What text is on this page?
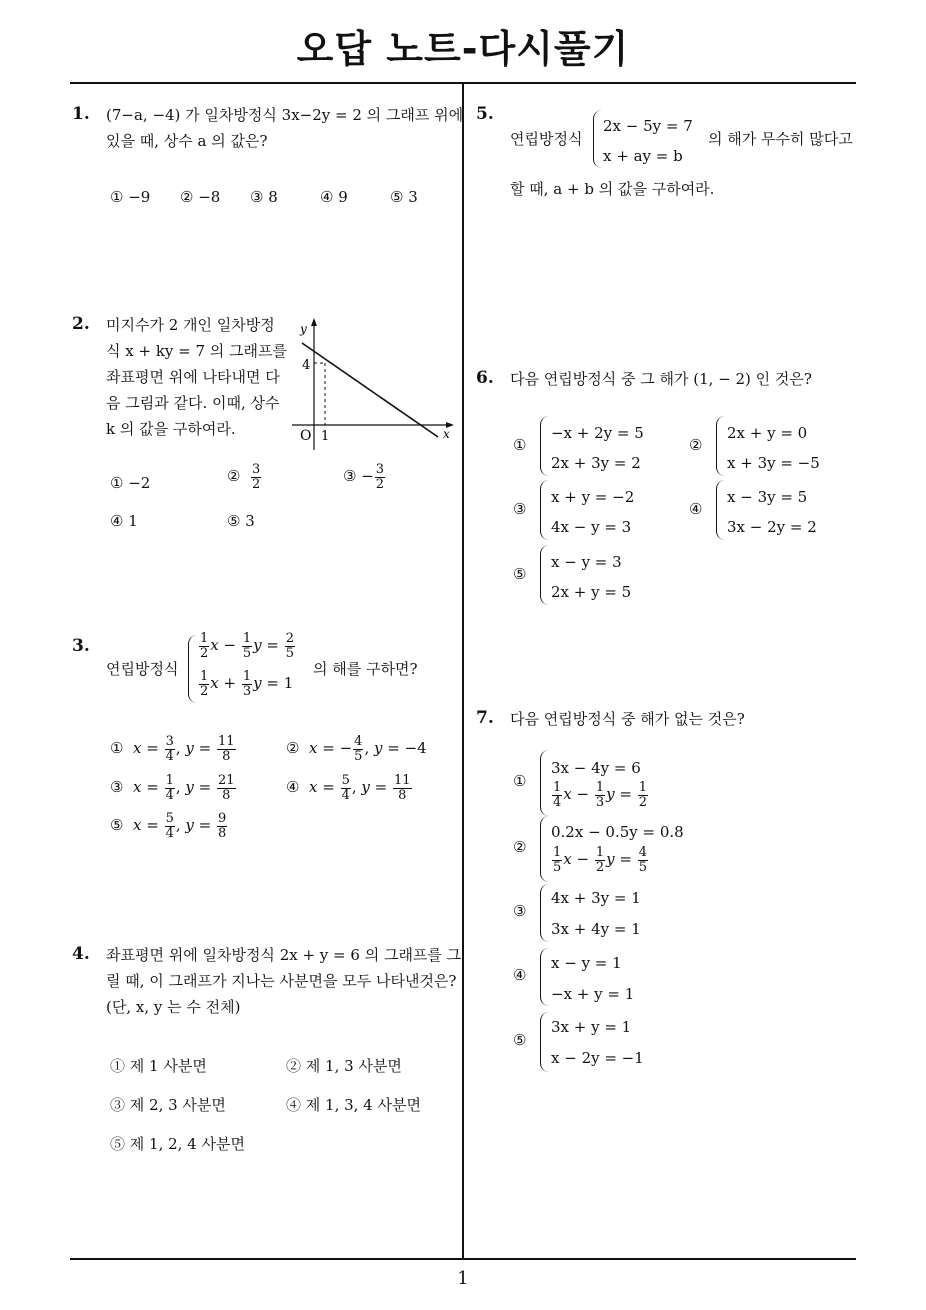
오답 노트-다시풀기
1
1. (7−a, −4) 가 일차방정식 3x−2y = 2 의 그래프 위에
있을 때, 상수 a 의 값은?
① −9 ② −8 ③ 8	④ 9	⑤ 3
2. 미지수가 2 개인 일차방정
식 x + ky = 7 의 그래프를
좌표평면 위에 나타내면 다
음 그림과 같다. 이때, 상수
k 의 값을 구하여라.
y
x
O 1
4
① −2	② $\frac{3}{2}$	③ − $\frac{3}{2}$
④ 1	⑤ 3
3.
연립방정식
$\frac{1}{2}$ $x - \frac{1}{5}$ $y = \frac{2}{5}$
$\frac{1}{2}$ $x + \frac{1}{3}$ y = 1
의 해를 구하면?
① $x = \frac{3}{4}$ , $y = \frac{11}{8}$	② x = − $\frac{4}{5}$ , y = −4
③ $x = \frac{1}{4}$ , $y = \frac{21}{8}$	④ $x = \frac{5}{4}$ , $y = \frac{11}{8}$
⑤ $x = \frac{5}{4}$ , $y = \frac{9}{8}$
4. 좌표평면 위에 일차방정식 2x + y = 6 의 그래프를 그
릴 때, 이 그래프가 지나는 사분면을 모두 나타낸것은?
(단, x, y 는 수 전체)
① 제 1 사분면	② 제 1, 3 사분면
③ 제 2, 3 사분면	④ 제 1, 3, 4 사분면
⑤ 제 1, 2, 4 사분면
5.
연립방정식
2x − 5y = 7
x + ay = b
의 해가 무수히 많다고
할 때, a + b 의 값을 구하여라.
6. 다음 연립방정식 중 그 해가 (1, − 2) 인 것은?
①
−x + 2y = 5
2x + 3y = 2
②
2x + y = 0
x + 3y = −5
③
x + y = −2
4x − y = 3
④
x − 3y = 5
3x − 2y = 2
⑤
x − y = 3
2x + y = 5
7. 다음 연립방정식 중 해가 없는 것은?
①
3x − 4y = 6
$\frac{1}{4}$ $x - \frac{1}{3}$ $y = \frac{1}{2}$
②
0.2x − 0.5y = 0.8
$\frac{1}{5}$ $x - \frac{1}{2}$ $y = \frac{4}{5}$
③
4x + 3y = 1
3x + 4y = 1
④
x − y = 1
−x + y = 1
⑤
3x + y = 1
x − 2y = −1
